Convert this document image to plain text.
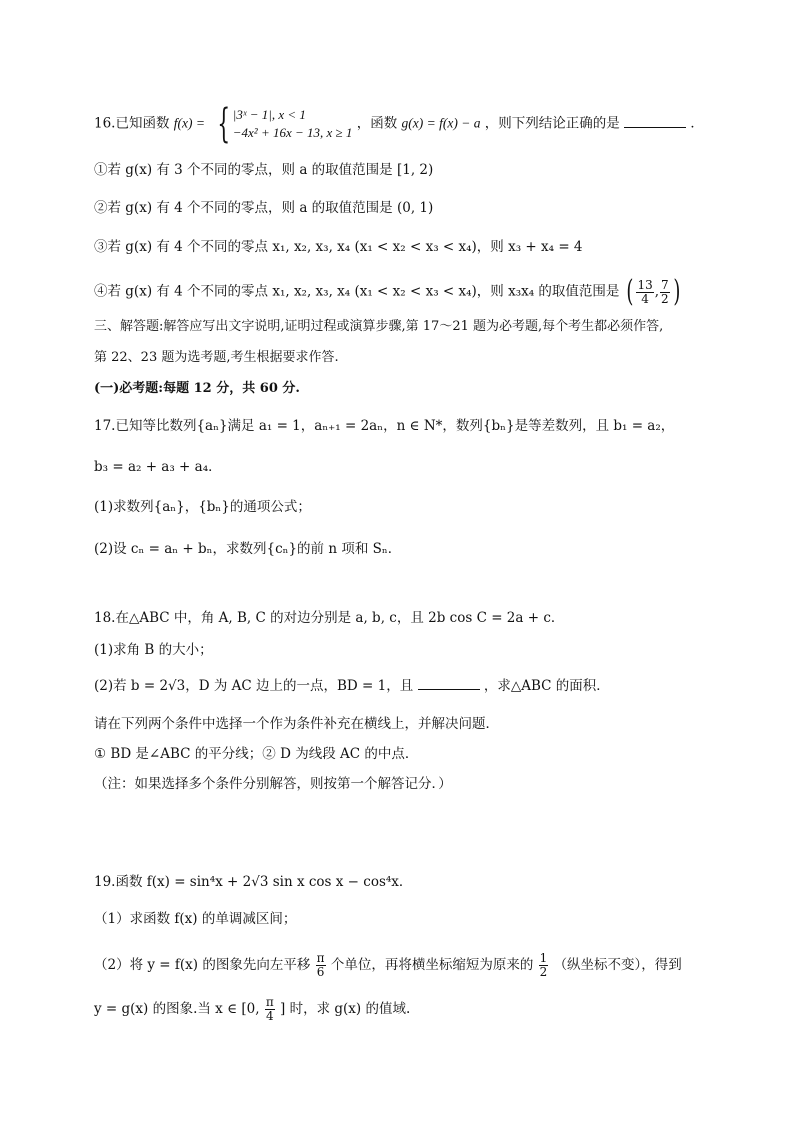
16.已知函数 f(x) = { |3ˣ − 1|, x < 1
−4x² + 16x − 13, x ≥ 1
，函数 g(x) = f(x) − a ，则下列结论正确的是	．
①若 g(x) 有 3 个不同的零点，则 a 的取值范围是 [1, 2)
②若 g(x) 有 4 个不同的零点，则 a 的取值范围是 (0, 1)
③若 g(x) 有 4 个不同的零点 x₁, x₂, x₃, x₄ (x₁ < x₂ < x₃ < x₄)，则 x₃ + x₄ = 4
④若 g(x) 有 4 个不同的零点 x₁, x₂, x₃, x₄ (x₁ < x₂ < x₃ < x₄)，则 x₃x₄ 的取值范围是 ( $\frac{13}{4}$ , $\frac{7}{2}$ )
三、解答题:解答应写出文字说明,证明过程或演算步骤,第 17～21 题为必考题,每个考生都必须作答,
第 22、23 题为选考题,考生根据要求作答.
(一)必考题:每题 12 分，共 60 分.
17.已知等比数列{aₙ}满足 a₁ = 1，aₙ₊₁ = 2aₙ，n ∈ N*，数列{bₙ}是等差数列，且 b₁ = a₂，
b₃ = a₂ + a₃ + a₄．
(1)求数列{aₙ}，{bₙ}的通项公式；
(2)设 cₙ = aₙ + bₙ，求数列{cₙ}的前 n 项和 Sₙ．
18.在△ABC 中，角 A, B, C 的对边分别是 a, b, c，且 2b cos C = 2a + c．
(1)求角 B 的大小；
(2)若 b = 2√3，D 为 AC 边上的一点，BD = 1，且	，求△ABC 的面积．
请在下列两个条件中选择一个作为条件补充在横线上，并解决问题．
① BD 是∠ABC 的平分线；② D 为线段 AC 的中点．
（注：如果选择多个条件分别解答，则按第一个解答记分．）
19.函数 f(x) = sin⁴x + 2√3 sin x cos x − cos⁴x．
（1）求函数 f(x) 的单调减区间；
（2）将 y = f(x) 的图象先向左平移 $\frac{\pi}{6}$ 个单位，再将横坐标缩短为原来的 $\frac{1}{2}$ （纵坐标不变），得到
y = g(x) 的图象.当 x ∈ [0, $\frac{\pi}{4}$ ] 时，求 g(x) 的值域.
